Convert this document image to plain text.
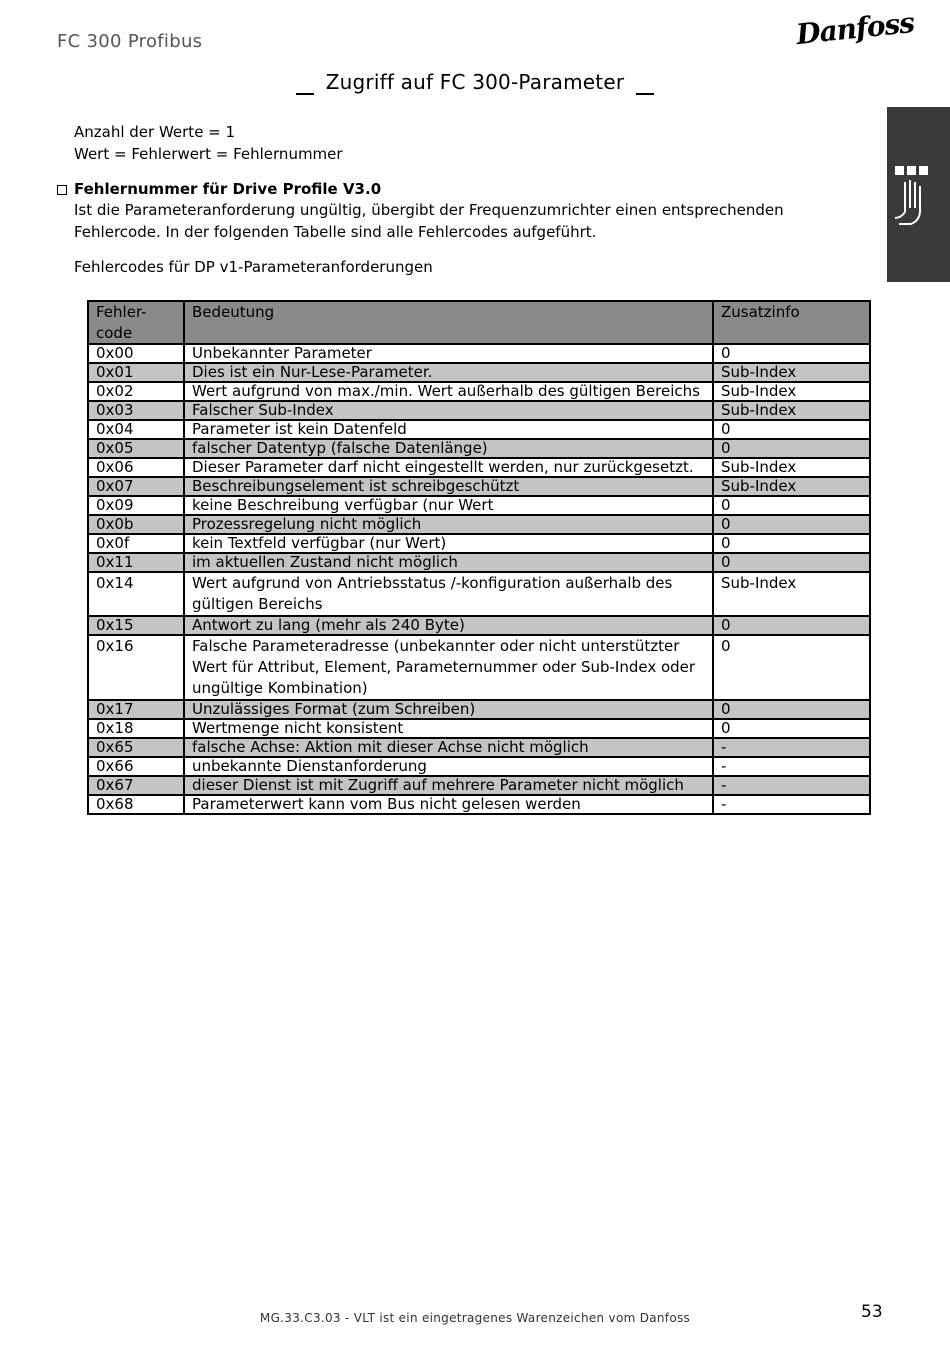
FC 300 Profibus	Danfoss
Zugriff auf FC 300-Parameter
Anzahl der Werte = 1
Wert = Fehlerwert = Fehlernummer
Fehlernummer für Drive Profile V3.0
Ist die Parameteranforderung ungültig, übergibt der Frequenzumrichter einen entsprechenden
Fehlercode. In der folgenden Tabelle sind alle Fehlercodes aufgeführt.
Fehlercodes für DP v1-Parameteranforderungen
Fehler-
code	Bedeutung	Zusatzinfo
0x00	Unbekannter Parameter	0
0x01	Dies ist ein Nur-Lese-Parameter.	Sub-Index
0x02	Wert aufgrund von max./min. Wert außerhalb des gültigen Bereichs	Sub-Index
0x03	Falscher Sub-Index	Sub-Index
0x04	Parameter ist kein Datenfeld	0
0x05	falscher Datentyp (falsche Datenlänge)	0
0x06	Dieser Parameter darf nicht eingestellt werden, nur zurückgesetzt.	Sub-Index
0x07	Beschreibungselement ist schreibgeschützt	Sub-Index
0x09	keine Beschreibung verfügbar (nur Wert	0
0x0b	Prozessregelung nicht möglich	0
0x0f	kein Textfeld verfügbar (nur Wert)	0
0x11	im aktuellen Zustand nicht möglich	0
0x14	Wert aufgrund von Antriebsstatus /-konfiguration außerhalb des gültigen Bereichs	Sub-Index
0x15	Antwort zu lang (mehr als 240 Byte)	0
0x16	Falsche Parameteradresse (unbekannter oder nicht unterstützter Wert für Attribut, Element, Parameternummer oder Sub-Index oder ungültige Kombination)	0
0x17	Unzulässiges Format (zum Schreiben)	0
0x18	Wertmenge nicht konsistent	0
0x65	falsche Achse: Aktion mit dieser Achse nicht möglich	-
0x66	unbekannte Dienstanforderung	-
0x67	dieser Dienst ist mit Zugriff auf mehrere Parameter nicht möglich	-
0x68	Parameterwert kann vom Bus nicht gelesen werden	-
MG.33.C3.03 - VLT ist ein eingetragenes Warenzeichen vom Danfoss	53
